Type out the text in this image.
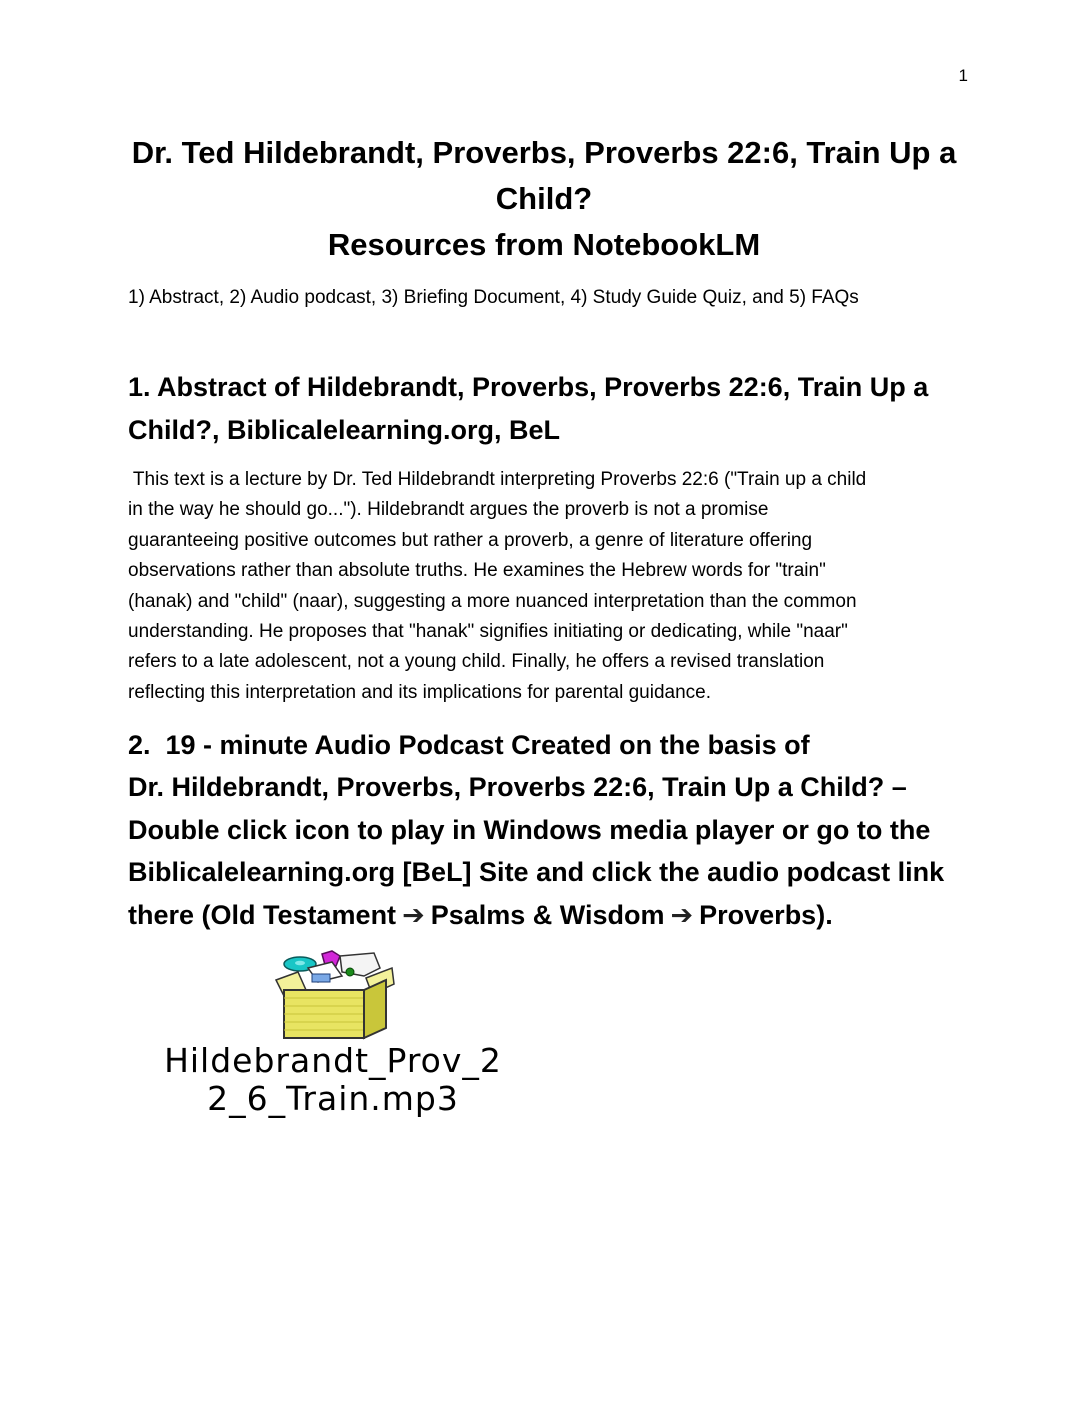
1
Dr. Ted Hildebrandt, Proverbs, Proverbs 22:6, Train Up a
Child?
Resources from NotebookLM
1) Abstract, 2) Audio podcast, 3) Briefing Document, 4) Study Guide Quiz, and 5) FAQs
1. Abstract of Hildebrandt, Proverbs, Proverbs 22:6, Train Up a
Child?, Biblicalelearning.org, BeL
This text is a lecture by Dr. Ted Hildebrandt interpreting Proverbs 22:6 ("Train up a child
in the way he should go..."). Hildebrandt argues the proverb is not a promise
guaranteeing positive outcomes but rather a proverb, a genre of literature offering
observations rather than absolute truths. He examines the Hebrew words for "train"
(hanak) and "child" (naar), suggesting a more nuanced interpretation than the common
understanding. He proposes that "hanak" signifies initiating or dedicating, while "naar"
refers to a late adolescent, not a young child. Finally, he offers a revised translation
reflecting this interpretation and its implications for parental guidance.
2.  19 - minute Audio Podcast Created on the basis of
Dr. Hildebrandt, Proverbs, Proverbs 22:6, Train Up a Child? –
Double click icon to play in Windows media player or go to the
Biblicalelearning.org [BeL] Site and click the audio podcast link
there (Old Testament ➔ Psalms & Wisdom ➔ Proverbs).
Hildebrandt_Prov_2
2_6_Train.mp3
